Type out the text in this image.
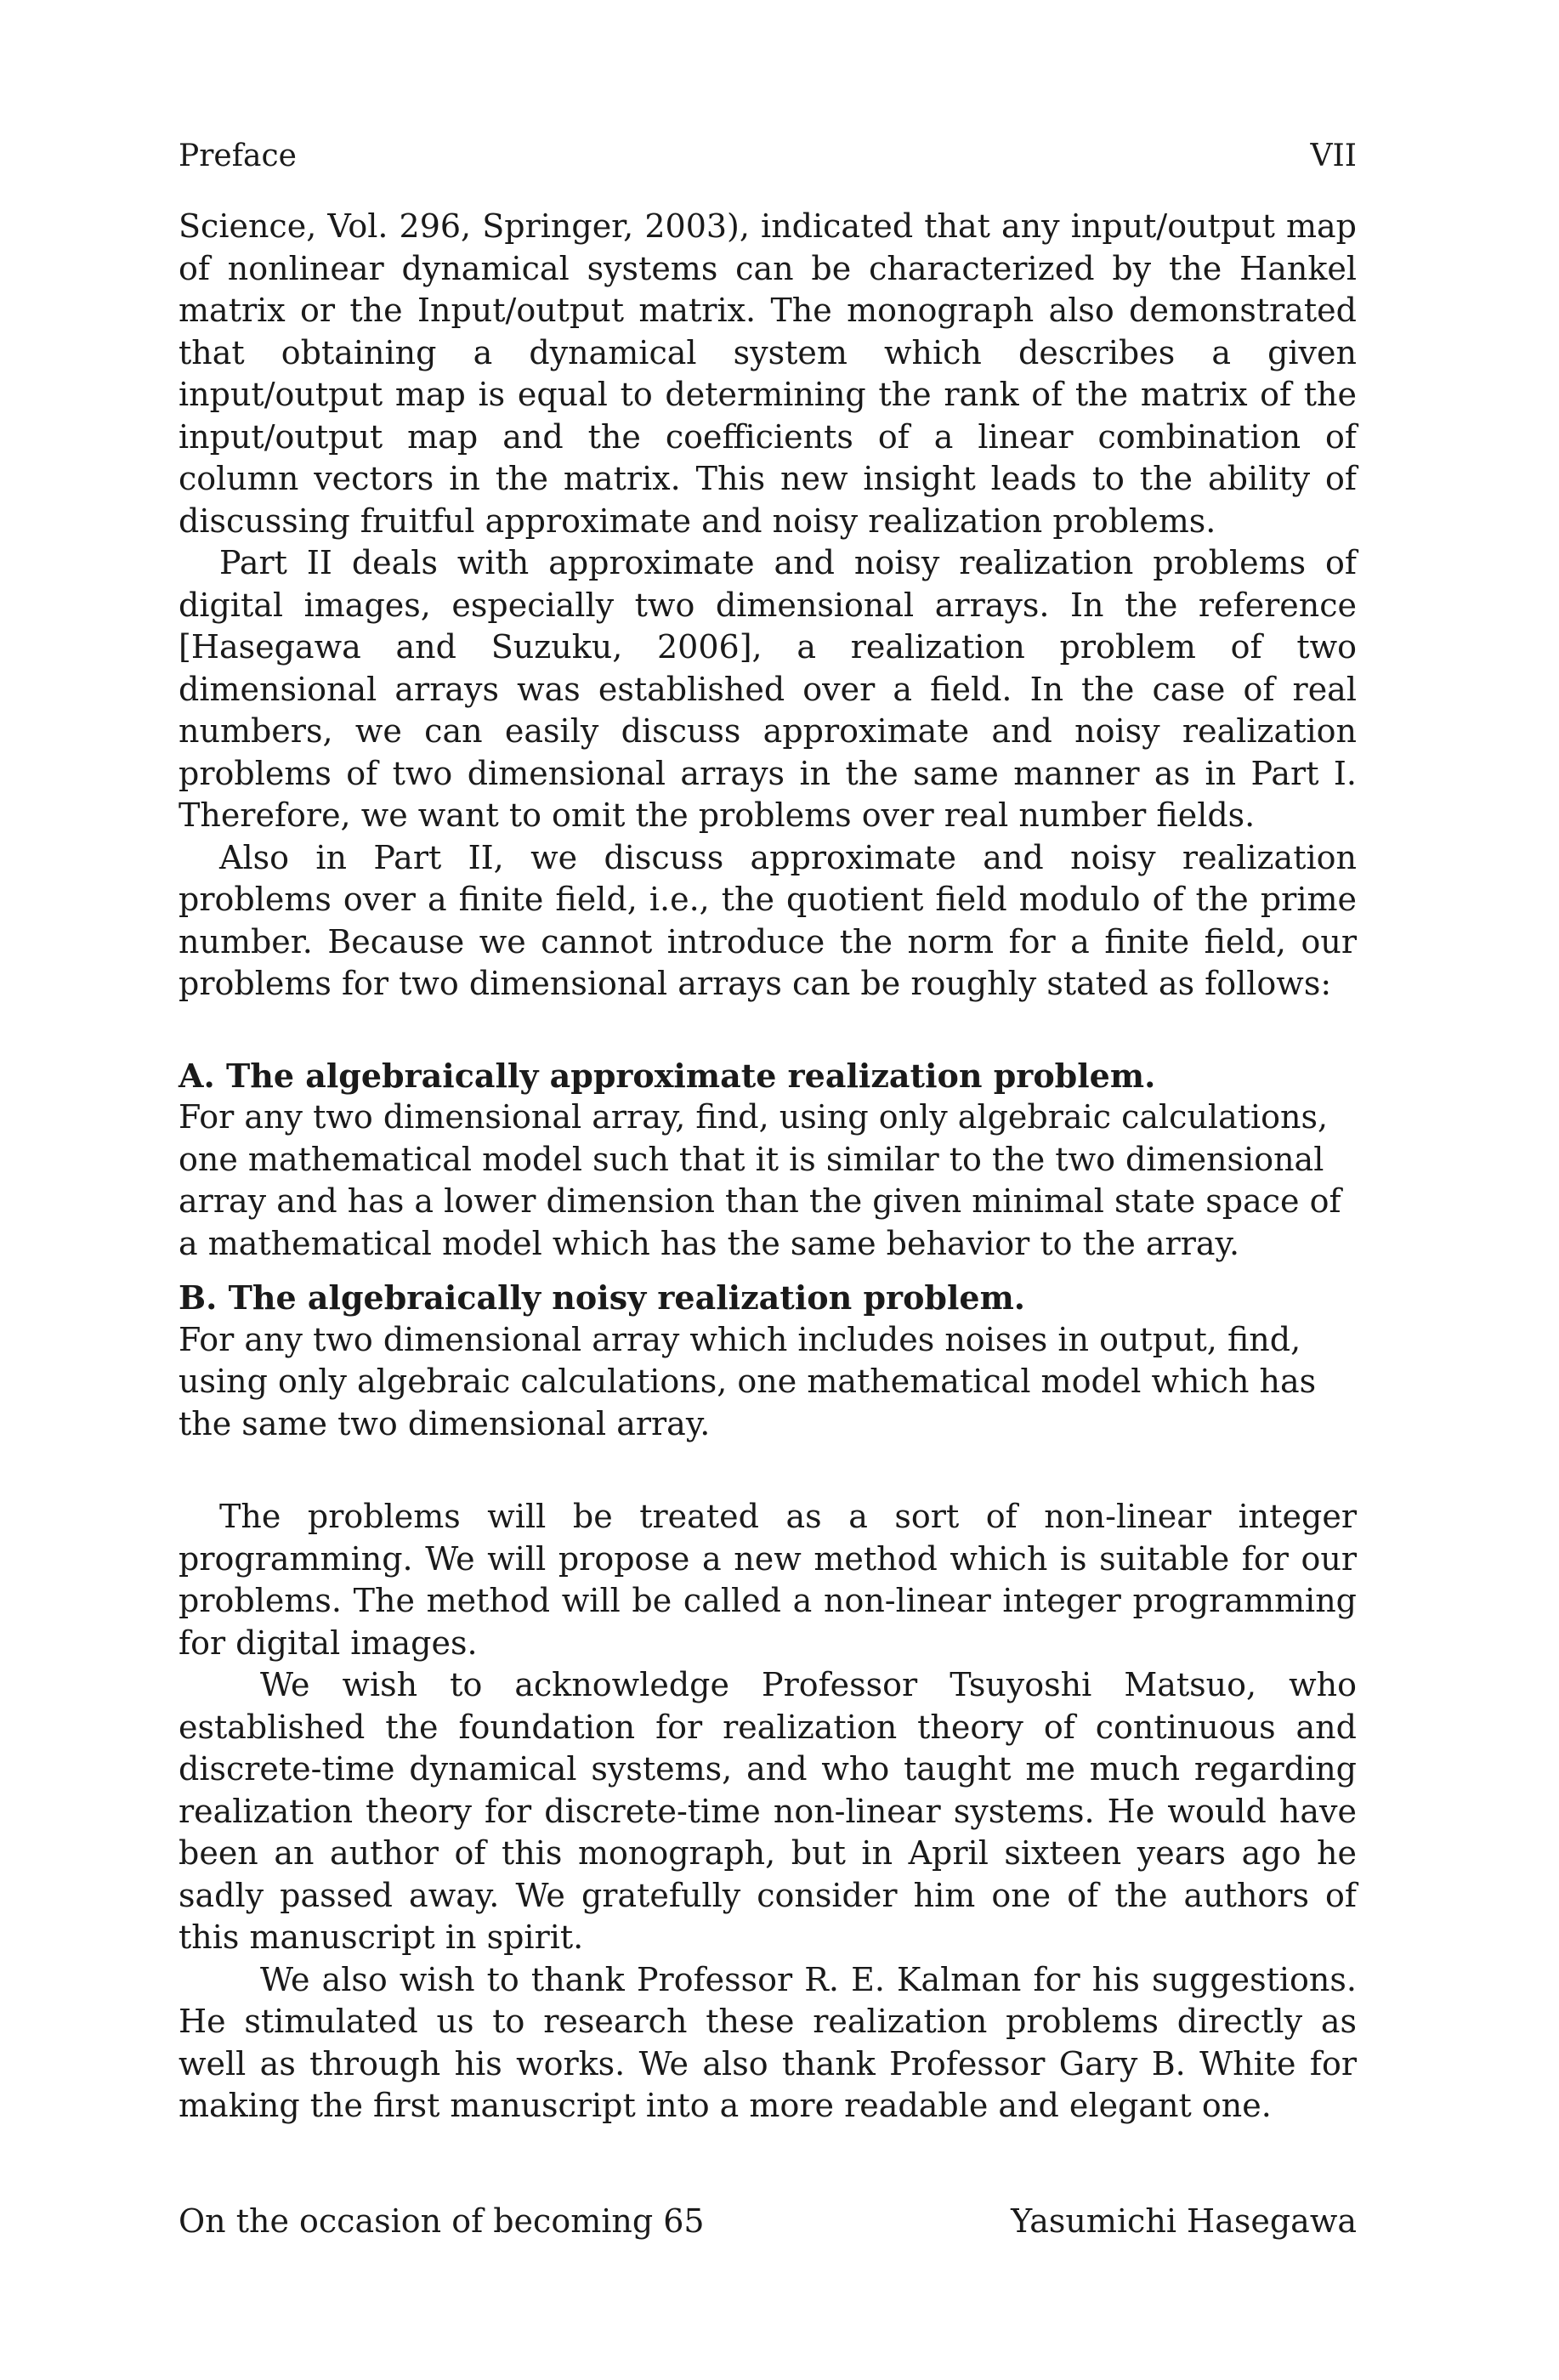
Preface	VII

Science, Vol. 296, Springer, 2003), indicated that any input/output map of nonlinear dynamical systems can be characterized by the Hankel matrix or the Input/output matrix. The monograph also demonstrated that obtaining a dynamical system which describes a given input/output map is equal to determining the rank of the matrix of the input/output map and the coefficients of a linear combination of column vectors in the matrix. This new insight leads to the ability of discussing fruitful approximate and noisy realization problems.

Part II deals with approximate and noisy realization problems of digital images, especially two dimensional arrays. In the reference [Hasegawa and Suzuku, 2006], a realization problem of two dimensional arrays was established over a field. In the case of real numbers, we can easily discuss approximate and noisy realization problems of two dimensional arrays in the same manner as in Part I. Therefore, we want to omit the problems over real number fields.

Also in Part II, we discuss approximate and noisy realization problems over a finite field, i.e., the quotient field modulo of the prime number. Because we cannot introduce the norm for a finite field, our problems for two dimensional arrays can be roughly stated as follows:

A. The algebraically approximate realization problem.
For any two dimensional array, find, using only algebraic calculations, one mathematical model such that it is similar to the two dimensional array and has a lower dimension than the given minimal state space of a mathematical model which has the same behavior to the array.
B. The algebraically noisy realization problem.
For any two dimensional array which includes noises in output, find, using only algebraic calculations, one mathematical model which has the same two dimensional array.

The problems will be treated as a sort of non-linear integer programming. We will propose a new method which is suitable for our problems. The method will be called a non-linear integer programming for digital images.

We wish to acknowledge Professor Tsuyoshi Matsuo, who established the foundation for realization theory of continuous and discrete-time dynamical systems, and who taught me much regarding realization theory for discrete-time non-linear systems. He would have been an author of this monograph, but in April sixteen years ago he sadly passed away. We gratefully consider him one of the authors of this manuscript in spirit.

We also wish to thank Professor R. E. Kalman for his suggestions. He stimulated us to research these realization problems directly as well as through his works. We also thank Professor Gary B. White for making the first manuscript into a more readable and elegant one.

On the occasion of becoming 65	Yasumichi Hasegawa
